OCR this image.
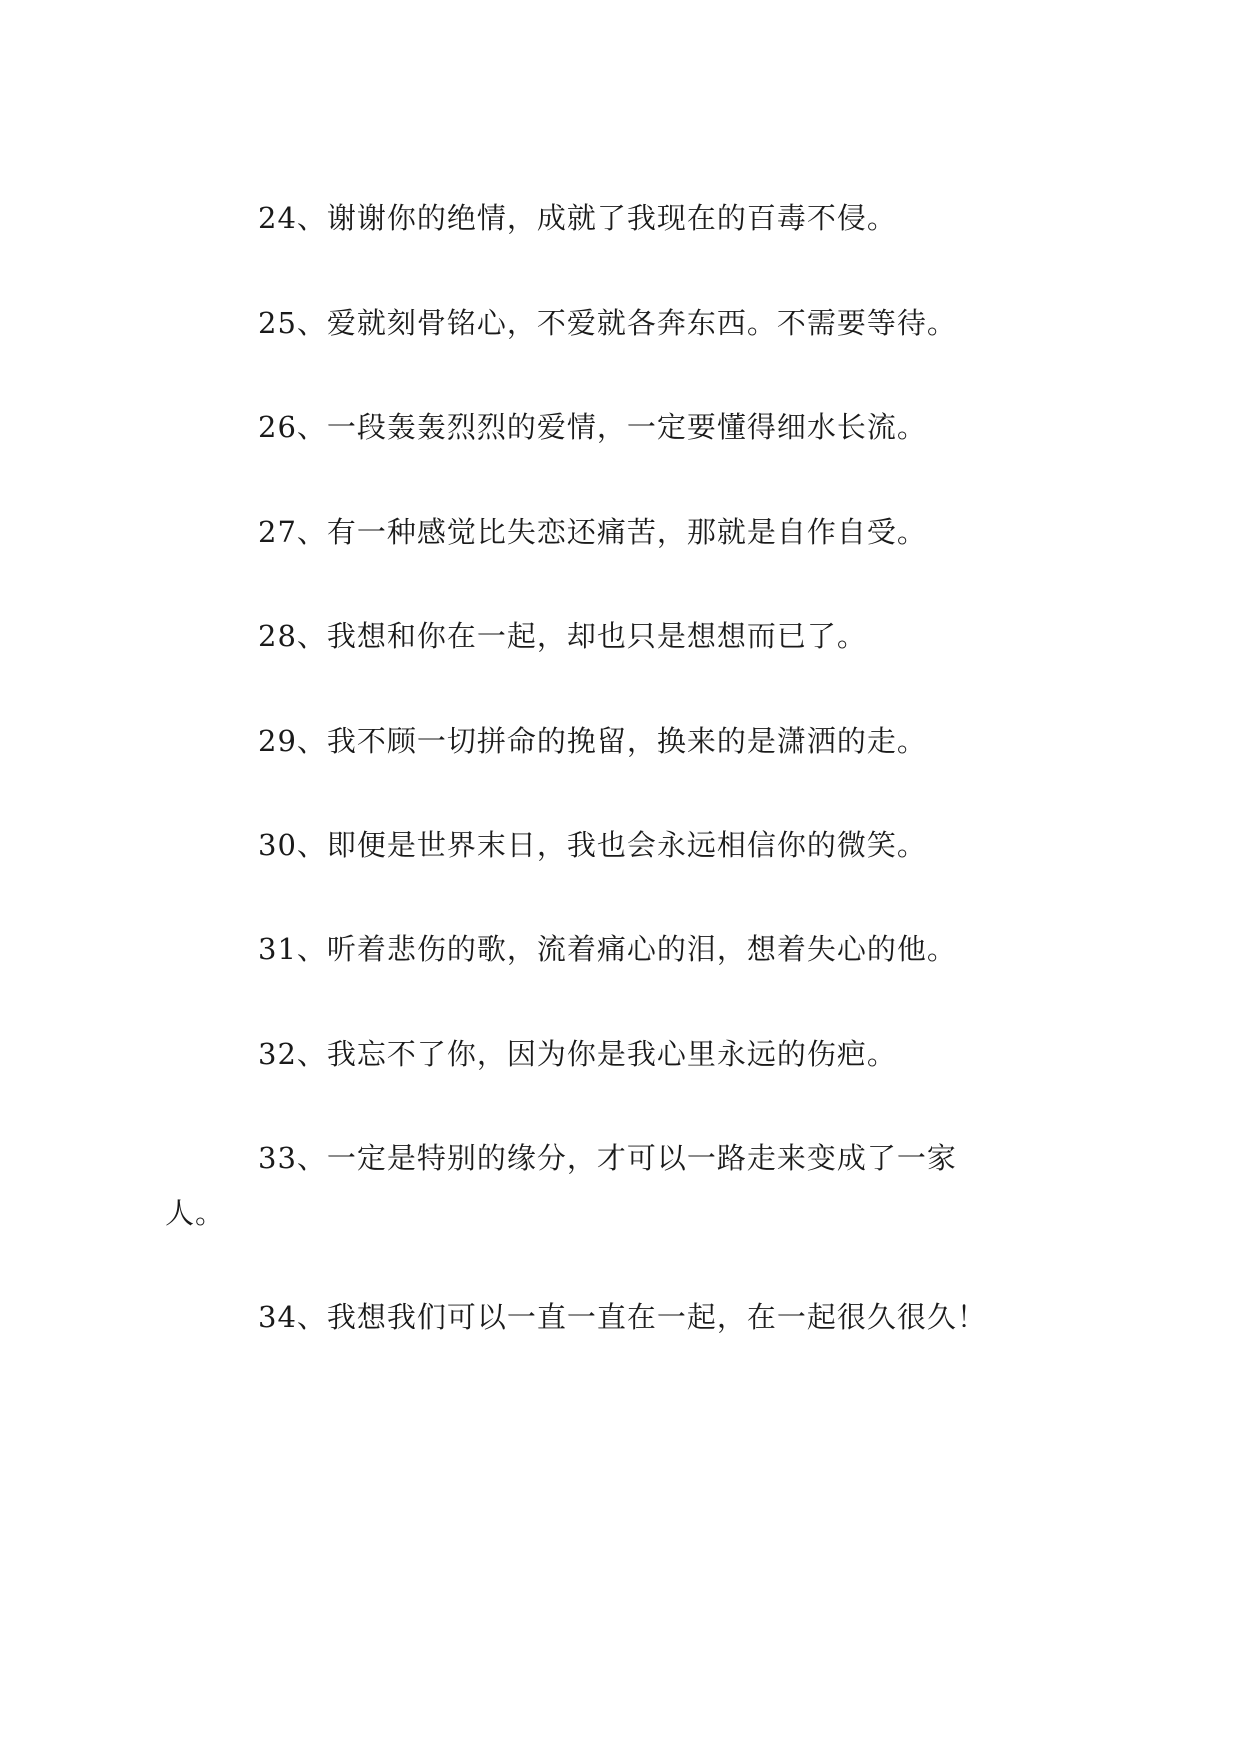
24、谢谢你的绝情，成就了我现在的百毒不侵。
25、爱就刻骨铭心，不爱就各奔东西。不需要等待。
26、一段轰轰烈烈的爱情，一定要懂得细水长流。
27、有一种感觉比失恋还痛苦，那就是自作自受。
28、我想和你在一起，却也只是想想而已了。
29、我不顾一切拼命的挽留，换来的是潇洒的走。
30、即便是世界末日，我也会永远相信你的微笑。
31、听着悲伤的歌，流着痛心的泪，想着失心的他。
32、我忘不了你，因为你是我心里永远的伤疤。
33、一定是特别的缘分，才可以一路走来变成了一家
人。
34、我想我们可以一直一直在一起，在一起很久很久！
